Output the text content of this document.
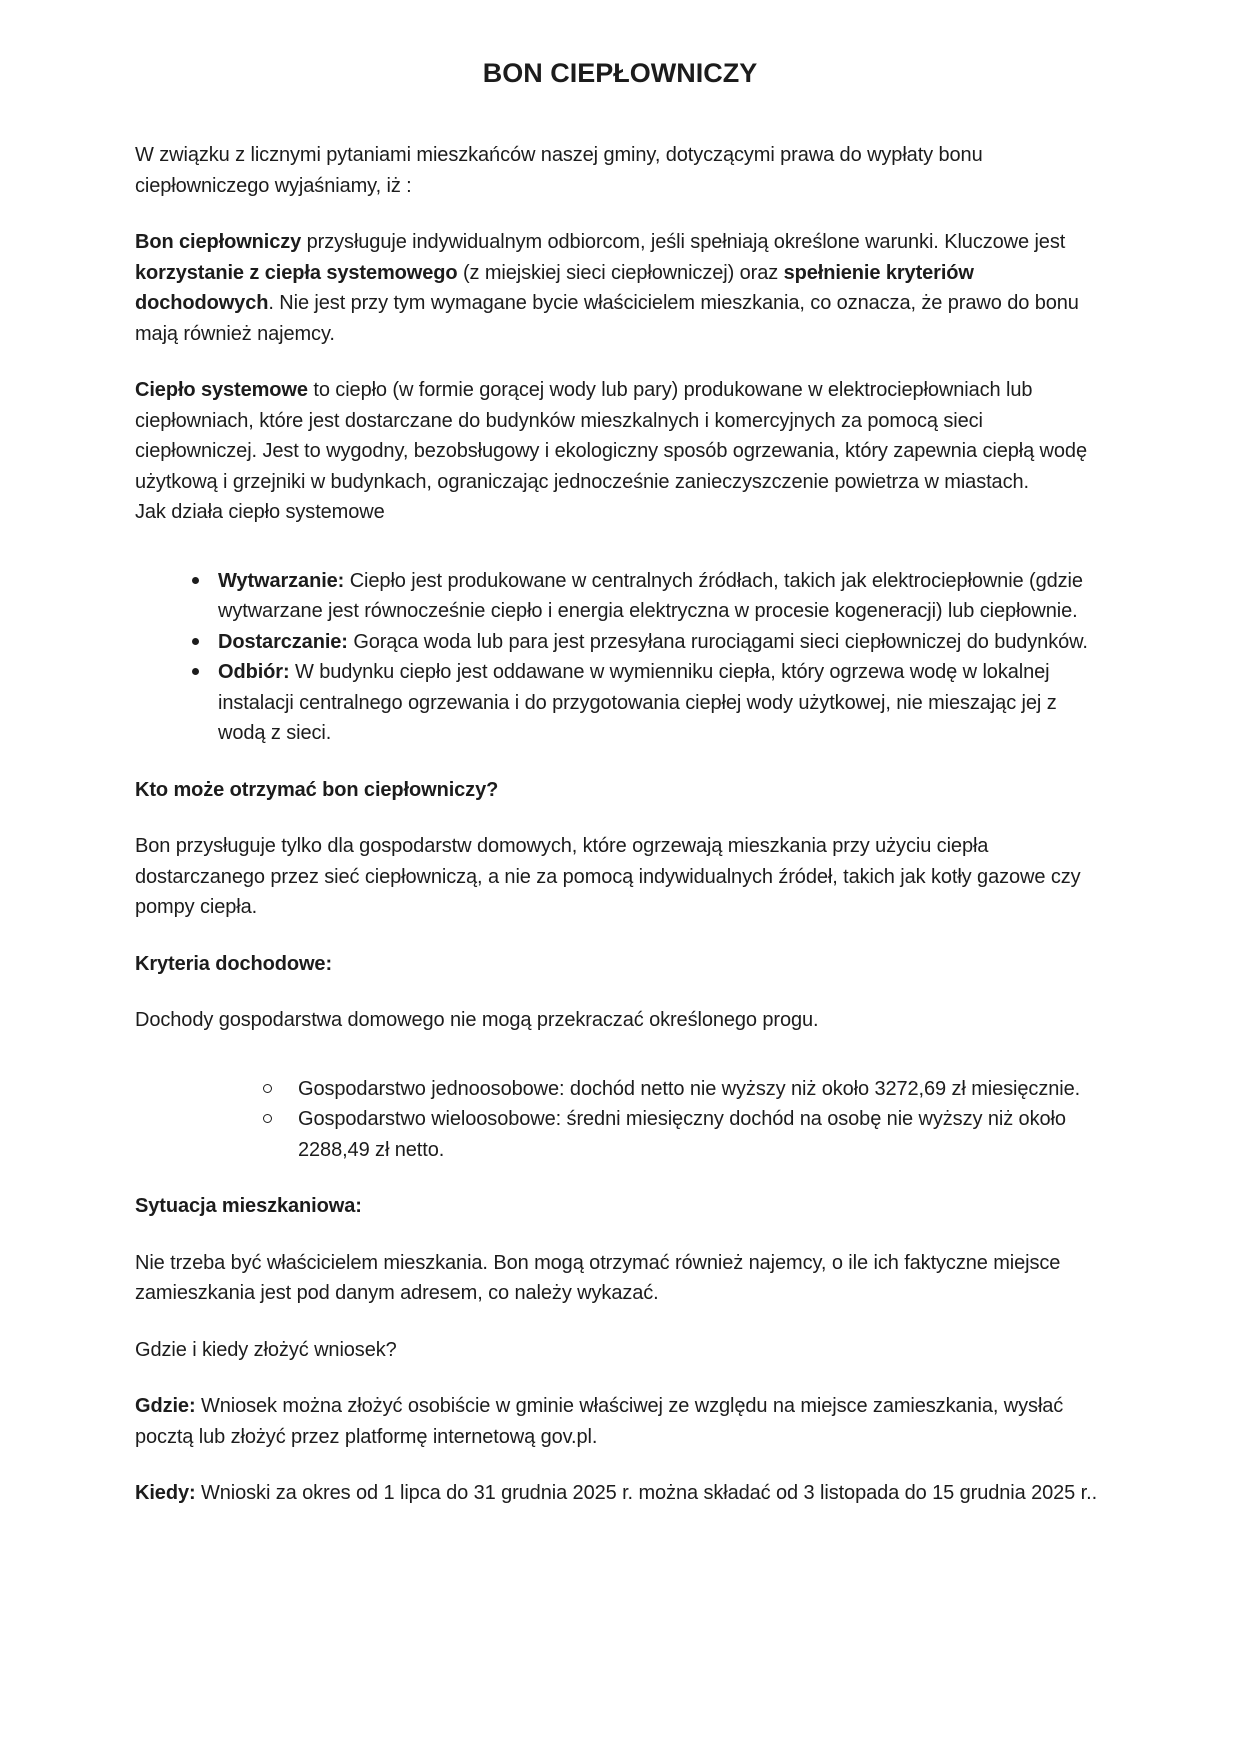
BON CIEPŁOWNICZY

W związku z licznymi pytaniami mieszkańców naszej gminy, dotyczącymi prawa do wypłaty bonu ciepłowniczego wyjaśniamy, iż :

Bon ciepłowniczy przysługuje indywidualnym odbiorcom, jeśli spełniają określone warunki. Kluczowe jest korzystanie z ciepła systemowego (z miejskiej sieci ciepłowniczej) oraz spełnienie kryteriów dochodowych. Nie jest przy tym wymagane bycie właścicielem mieszkania, co oznacza, że prawo do bonu mają również najemcy.

Ciepło systemowe to ciepło (w formie gorącej wody lub pary) produkowane w elektrociepłowniach lub ciepłowniach, które jest dostarczane do budynków mieszkalnych i komercyjnych za pomocą sieci ciepłowniczej. Jest to wygodny, bezobsługowy i ekologiczny sposób ogrzewania, który zapewnia ciepłą wodę użytkową i grzejniki w budynkach, ograniczając jednocześnie zanieczyszczenie powietrza w miastach.
Jak działa ciepło systemowe

Wytwarzanie: Ciepło jest produkowane w centralnych źródłach, takich jak elektrociepłownie (gdzie wytwarzane jest równocześnie ciepło i energia elektryczna w procesie kogeneracji) lub ciepłownie.
Dostarczanie: Gorąca woda lub para jest przesyłana rurociągami sieci ciepłowniczej do budynków.
Odbiór: W budynku ciepło jest oddawane w wymienniku ciepła, który ogrzewa wodę w lokalnej instalacji centralnego ogrzewania i do przygotowania ciepłej wody użytkowej, nie mieszając jej z wodą z sieci.
Kto może otrzymać bon ciepłowniczy?

Bon przysługuje tylko dla gospodarstw domowych, które ogrzewają mieszkania przy użyciu ciepła dostarczanego przez sieć ciepłowniczą, a nie za pomocą indywidualnych źródeł, takich jak kotły gazowe czy pompy ciepła.

Kryteria dochodowe:

Dochody gospodarstwa domowego nie mogą przekraczać określonego progu.

Gospodarstwo jednoosobowe: dochód netto nie wyższy niż około 3272,69 zł miesięcznie.
Gospodarstwo wieloosobowe: średni miesięczny dochód na osobę nie wyższy niż około 2288,49 zł netto.
Sytuacja mieszkaniowa:

Nie trzeba być właścicielem mieszkania. Bon mogą otrzymać również najemcy, o ile ich faktyczne miejsce zamieszkania jest pod danym adresem, co należy wykazać.

Gdzie i kiedy złożyć wniosek?

Gdzie: Wniosek można złożyć osobiście w gminie właściwej ze względu na miejsce zamieszkania, wysłać pocztą lub złożyć przez platformę internetową gov.pl.

Kiedy: Wnioski za okres od 1 lipca do 31 grudnia 2025 r. można składać od 3 listopada do 15 grudnia 2025 r..
